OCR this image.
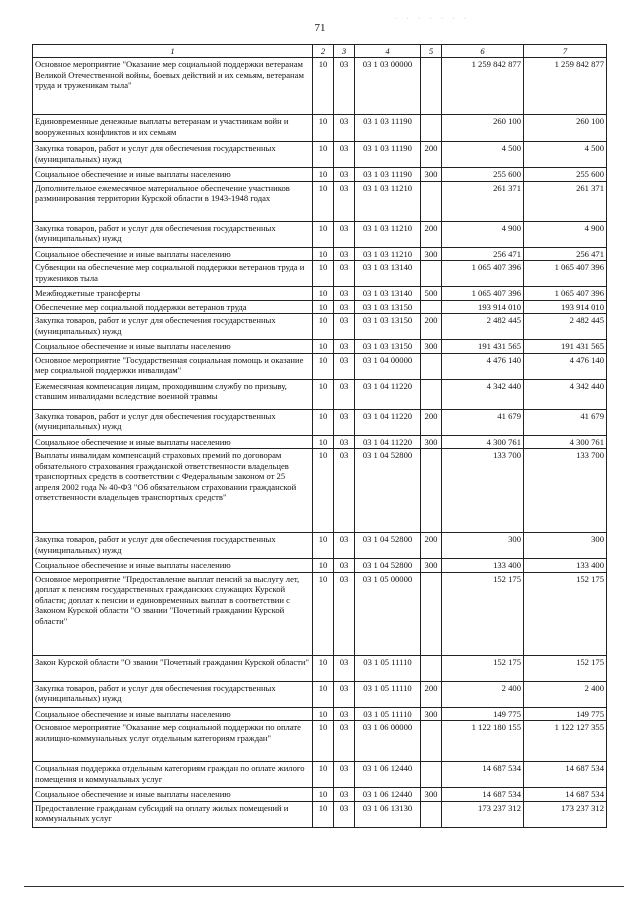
· · · · · · ·
71
1	2	3	4	5	6	7
Основное мероприятие "Оказание мер социальной поддержки ветеранам Великой Отечественной войны, боевых действий и их семьям, ветеранам труда и труженикам тыла"	10	03	03 1 03 00000		1 259 842 877	1 259 842 877
Единовременные денежные выплаты ветеранам и участникам войн и вооруженных конфликтов и их семьям	10	03	03 1 03 11190		260 100	260 100
Закупка товаров, работ и услуг для обеспечения государственных (муниципальных) нужд	10	03	03 1 03 11190	200	4 500	4 500
Социальное обеспечение и иные выплаты населению	10	03	03 1 03 11190	300	255 600	255 600
Дополнительное ежемесячное материальное обеспечение участников разминирования территории Курской области в 1943-1948 годах	10	03	03 1 03 11210		261 371	261 371
Закупка товаров, работ и услуг для обеспечения государственных (муниципальных) нужд	10	03	03 1 03 11210	200	4 900	4 900
Социальное обеспечение и иные выплаты населению	10	03	03 1 03 11210	300	256 471	256 471
Субвенции на обеспечение мер социальной поддержки ветеранов труда и тружеников тыла	10	03	03 1 03 13140		1 065 407 396	1 065 407 396
Межбюджетные трансферты	10	03	03 1 03 13140	500	1 065 407 396	1 065 407 396
Обеспечение мер социальной поддержки ветеранов труда	10	03	03 1 03 13150		193 914 010	193 914 010
Закупка товаров, работ и услуг для обеспечения государственных (муниципальных) нужд	10	03	03 1 03 13150	200	2 482 445	2 482 445
Социальное обеспечение и иные выплаты населению	10	03	03 1 03 13150	300	191 431 565	191 431 565
Основное мероприятие "Государственная социальная помощь и оказание мер социальной поддержки инвалидам"	10	03	03 1 04 00000		4 476 140	4 476 140
Ежемесячная компенсация лицам, проходившим службу по призыву, ставшим инвалидами вследствие военной травмы	10	03	03 1 04 11220		4 342 440	4 342 440
Закупка товаров, работ и услуг для обеспечения государственных (муниципальных) нужд	10	03	03 1 04 11220	200	41 679	41 679
Социальное обеспечение и иные выплаты населению	10	03	03 1 04 11220	300	4 300 761	4 300 761
Выплаты инвалидам компенсаций страховых премий по договорам обязательного страхования гражданской ответственности владельцев транспортных средств в соответствии с Федеральным законом от 25 апреля 2002 года № 40-ФЗ "Об обязательном страховании гражданской ответственности владельцев транспортных средств"	10	03	03 1 04 52800		133 700	133 700
Закупка товаров, работ и услуг для обеспечения государственных (муниципальных) нужд	10	03	03 1 04 52800	200	300	300
Социальное обеспечение и иные выплаты населению	10	03	03 1 04 52800	300	133 400	133 400
Основное мероприятие "Предоставление выплат пенсий за выслугу лет, доплат к пенсиям государственных гражданских служащих Курской области; доплат к пенсии и единовременных выплат в соответствии с Законом Курской области "О звании "Почетный гражданин Курской области"	10	03	03 1 05 00000		152 175	152 175
Закон Курской области "О звании "Почетный гражданин Курской области"	10	03	03 1 05 11110		152 175	152 175
Закупка товаров, работ и услуг для обеспечения государственных (муниципальных) нужд	10	03	03 1 05 11110	200	2 400	2 400
Социальное обеспечение и иные выплаты населению	10	03	03 1 05 11110	300	149 775	149 775
Основное мероприятие "Оказание мер социальной поддержки по оплате жилищно-коммунальных услуг отдельным категориям граждан"	10	03	03 1 06 00000		1 122 180 155	1 122 127 355
Социальная поддержка отдельным категориям граждан по оплате жилого помещения и коммунальных услуг	10	03	03 1 06 12440		14 687 534	14 687 534
Социальное обеспечение и иные выплаты населению	10	03	03 1 06 12440	300	14 687 534	14 687 534
Предоставление гражданам субсидий на оплату жилых помещений и коммунальных услуг	10	03	03 1 06 13130		173 237 312	173 237 312
